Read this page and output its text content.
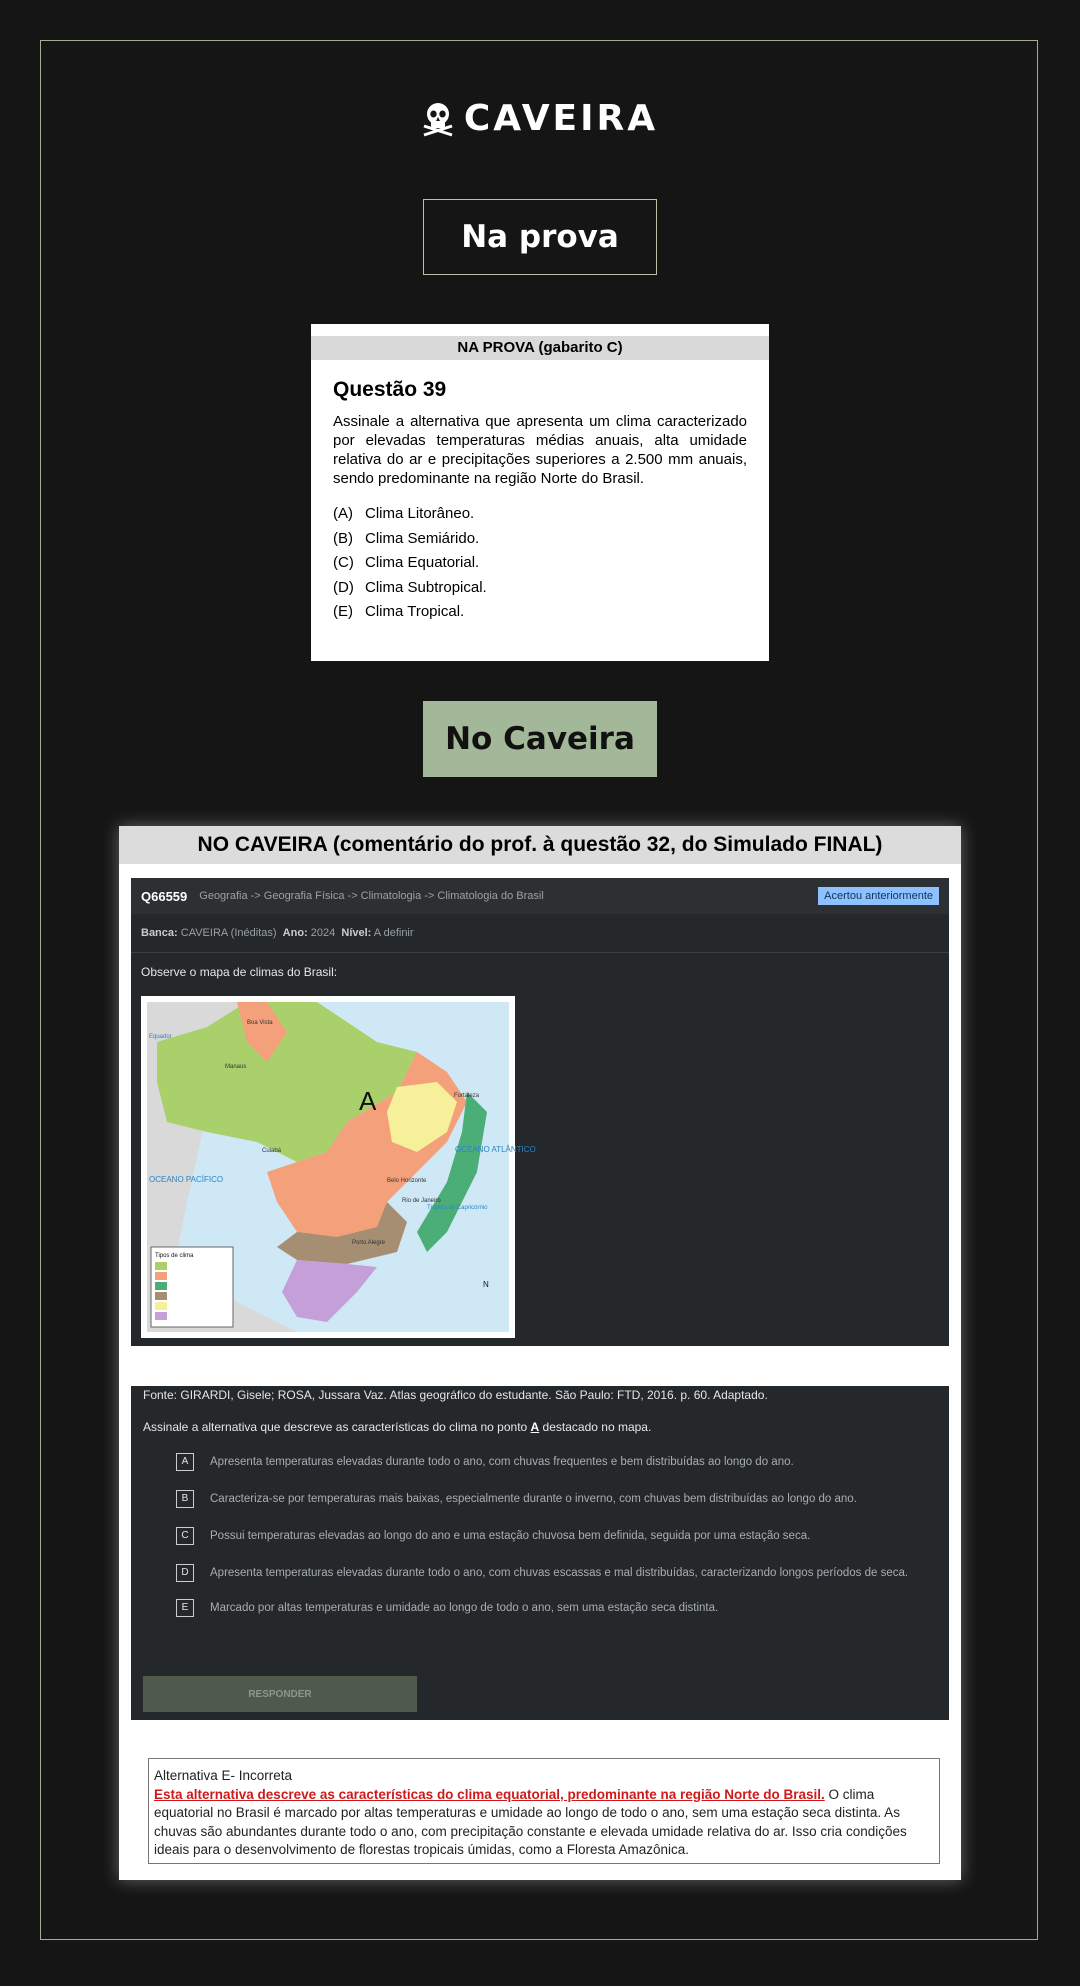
CAVEIRA
Na prova
NA PROVA (gabarito C)
Questão 39
Assinale a alternativa que apresenta um clima caracterizado por elevadas temperaturas médias anuais, alta umidade relativa do ar e precipitações superiores a 2.500 mm anuais, sendo predominante na região Norte do Brasil.
(A) Clima Litorâneo.
(B) Clima Semiárido.
(C) Clima Equatorial.
(D) Clima Subtropical.
(E) Clima Tropical.
No Caveira
NO CAVEIRA (comentário do prof. à questão 32, do Simulado FINAL)
Q66559 Geografia -> Geografia Física -> Climatologia -> Climatologia do Brasil	Acertou anteriormente
Banca: CAVEIRA (Inéditas) Ano: 2024 Nível: A definir
Observe o mapa de climas do Brasil:
A
Manaus
Boa Vista
Fortaleza
Cuiabá
Belo Horizonte
Rio de Janeiro
Porto Alegre
OCEANO ATLÂNTICO
OCEANO PACÍFICO
Equador
Trópico de Capricórnio
N
Tipos de clima
Fonte: GIRARDI, Gisele; ROSA, Jussara Vaz. Atlas geográfico do estudante. São Paulo: FTD, 2016. p. 60. Adaptado.
Assinale a alternativa que descreve as características do clima no ponto A destacado no mapa.
A	Apresenta temperaturas elevadas durante todo o ano, com chuvas frequentes e bem distribuídas ao longo do ano.
B	Caracteriza-se por temperaturas mais baixas, especialmente durante o inverno, com chuvas bem distribuídas ao longo do ano.
C	Possui temperaturas elevadas ao longo do ano e uma estação chuvosa bem definida, seguida por uma estação seca.
D	Apresenta temperaturas elevadas durante todo o ano, com chuvas escassas e mal distribuídas, caracterizando longos períodos de seca.
E	Marcado por altas temperaturas e umidade ao longo de todo o ano, sem uma estação seca distinta.
RESPONDER
Alternativa E- Incorreta
Esta alternativa descreve as características do clima equatorial, predominante na região Norte do Brasil. O clima equatorial no Brasil é marcado por altas temperaturas e umidade ao longo de todo o ano, sem uma estação seca distinta. As chuvas são abundantes durante todo o ano, com precipitação constante e elevada umidade relativa do ar. Isso cria condições ideais para o desenvolvimento de florestas tropicais úmidas, como a Floresta Amazônica.
